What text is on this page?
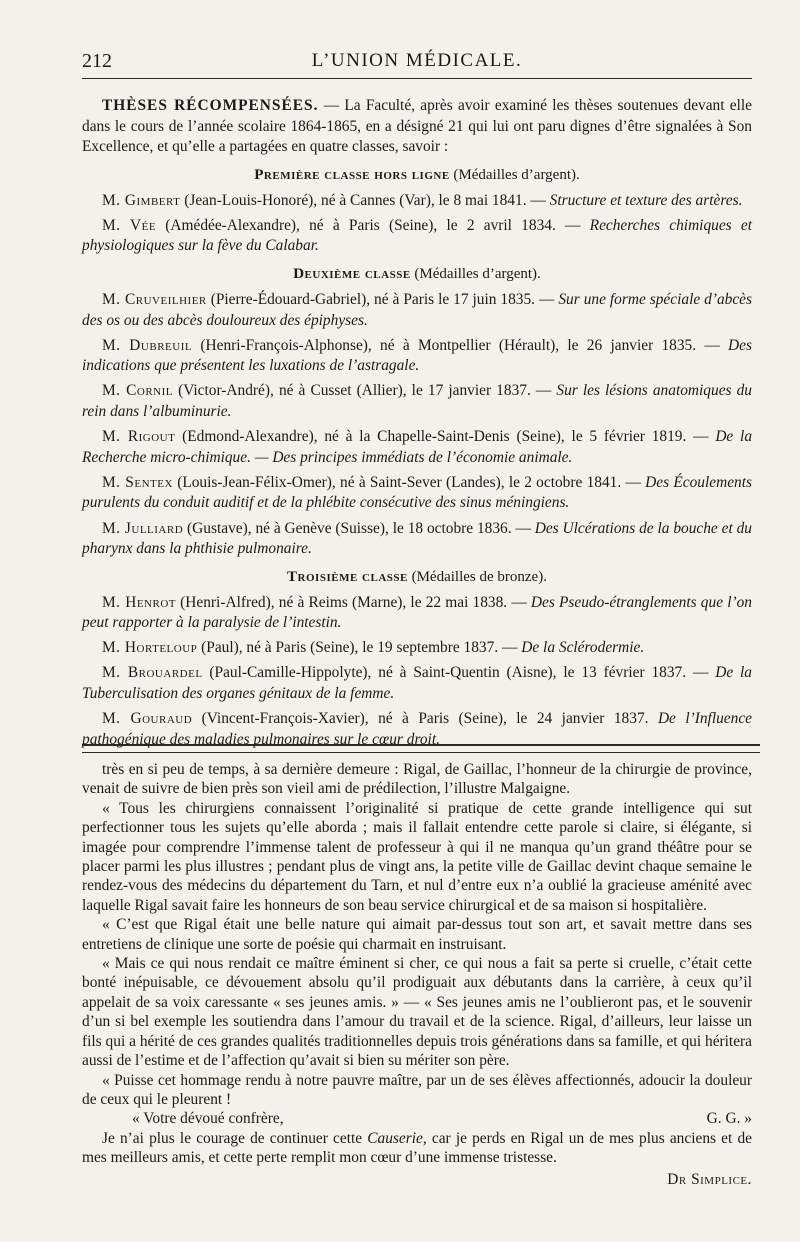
212	L’UNION MÉDICALE.

THÈSES RÉCOMPENSÉES. — La Faculté, après avoir examiné les thèses soutenues devant elle dans le cours de l’année scolaire 1864-1865, en a désigné 21 qui lui ont paru dignes d’être signalées à Son Excellence, et qu’elle a partagées en quatre classes, savoir :

Première classe hors ligne (Médailles d’argent).

M. Gimbert (Jean-Louis-Honoré), né à Cannes (Var), le 8 mai 1841. — Structure et texture des artères.

M. Vée (Amédée-Alexandre), né à Paris (Seine), le 2 avril 1834. — Recherches chimiques et physiologiques sur la fève du Calabar.

Deuxième classe (Médailles d’argent).

M. Cruveilhier (Pierre-Édouard-Gabriel), né à Paris le 17 juin 1835. — Sur une forme spéciale d’abcès des os ou des abcès douloureux des épiphyses.

M. Dubreuil (Henri-François-Alphonse), né à Montpellier (Hérault), le 26 janvier 1835. — Des indications que présentent les luxations de l’astragale.

M. Cornil (Victor-André), né à Cusset (Allier), le 17 janvier 1837. — Sur les lésions anatomiques du rein dans l’albuminurie.

M. Rigout (Edmond-Alexandre), né à la Chapelle-Saint-Denis (Seine), le 5 février 1819. — De la Recherche micro-chimique. — Des principes immédiats de l’économie animale.

M. Sentex (Louis-Jean-Félix-Omer), né à Saint-Sever (Landes), le 2 octobre 1841. — Des Écoulements purulents du conduit auditif et de la phlébite consécutive des sinus méningiens.

M. Julliard (Gustave), né à Genève (Suisse), le 18 octobre 1836. — Des Ulcérations de la bouche et du pharynx dans la phthisie pulmonaire.

Troisième classe (Médailles de bronze).

M. Henrot (Henri-Alfred), né à Reims (Marne), le 22 mai 1838. — Des Pseudo-étranglements que l’on peut rapporter à la paralysie de l’intestin.

M. Horteloup (Paul), né à Paris (Seine), le 19 septembre 1837. — De la Sclérodermie.

M. Brouardel (Paul-Camille-Hippolyte), né à Saint-Quentin (Aisne), le 13 février 1837. — De la Tuberculisation des organes génitaux de la femme.

M. Gouraud (Vincent-François-Xavier), né à Paris (Seine), le 24 janvier 1837. De l’Influence pathogénique des maladies pulmonaires sur le cœur droit.

très en si peu de temps, à sa dernière demeure : Rigal, de Gaillac, l’honneur de la chirurgie de province, venait de suivre de bien près son vieil ami de prédilection, l’illustre Malgaigne.

« Tous les chirurgiens connaissent l’originalité si pratique de cette grande intelligence qui sut perfectionner tous les sujets qu’elle aborda ; mais il fallait entendre cette parole si claire, si élégante, si imagée pour comprendre l’immense talent de professeur à qui il ne manqua qu’un grand théâtre pour se placer parmi les plus illustres ; pendant plus de vingt ans, la petite ville de Gaillac devint chaque semaine le rendez-vous des médecins du département du Tarn, et nul d’entre eux n’a oublié la gracieuse aménité avec laquelle Rigal savait faire les honneurs de son beau service chirurgical et de sa maison si hospitalière.

« C’est que Rigal était une belle nature qui aimait par-dessus tout son art, et savait mettre dans ses entretiens de clinique une sorte de poésie qui charmait en instruisant.

« Mais ce qui nous rendait ce maître éminent si cher, ce qui nous a fait sa perte si cruelle, c’était cette bonté inépuisable, ce dévouement absolu qu’il prodiguait aux débutants dans la carrière, à ceux qu’il appelait de sa voix caressante « ses jeunes amis. » — « Ses jeunes amis ne l’oublieront pas, et le souvenir d’un si bel exemple les soutiendra dans l’amour du travail et de la science. Rigal, d’ailleurs, leur laisse un fils qui a hérité de ces grandes qualités traditionnelles depuis trois générations dans sa famille, et qui héritera aussi de l’estime et de l’affection qu’avait si bien su mériter son père.

« Puisse cet hommage rendu à notre pauvre maître, par un de ses élèves affectionnés, adoucir la douleur de ceux qui le pleurent !

« Votre dévoué confrère,	G. G. »

Je n’ai plus le courage de continuer cette Causerie, car je perds en Rigal un de mes plus anciens et de mes meilleurs amis, et cette perte remplit mon cœur d’une immense tristesse.

Dr Simplice.
